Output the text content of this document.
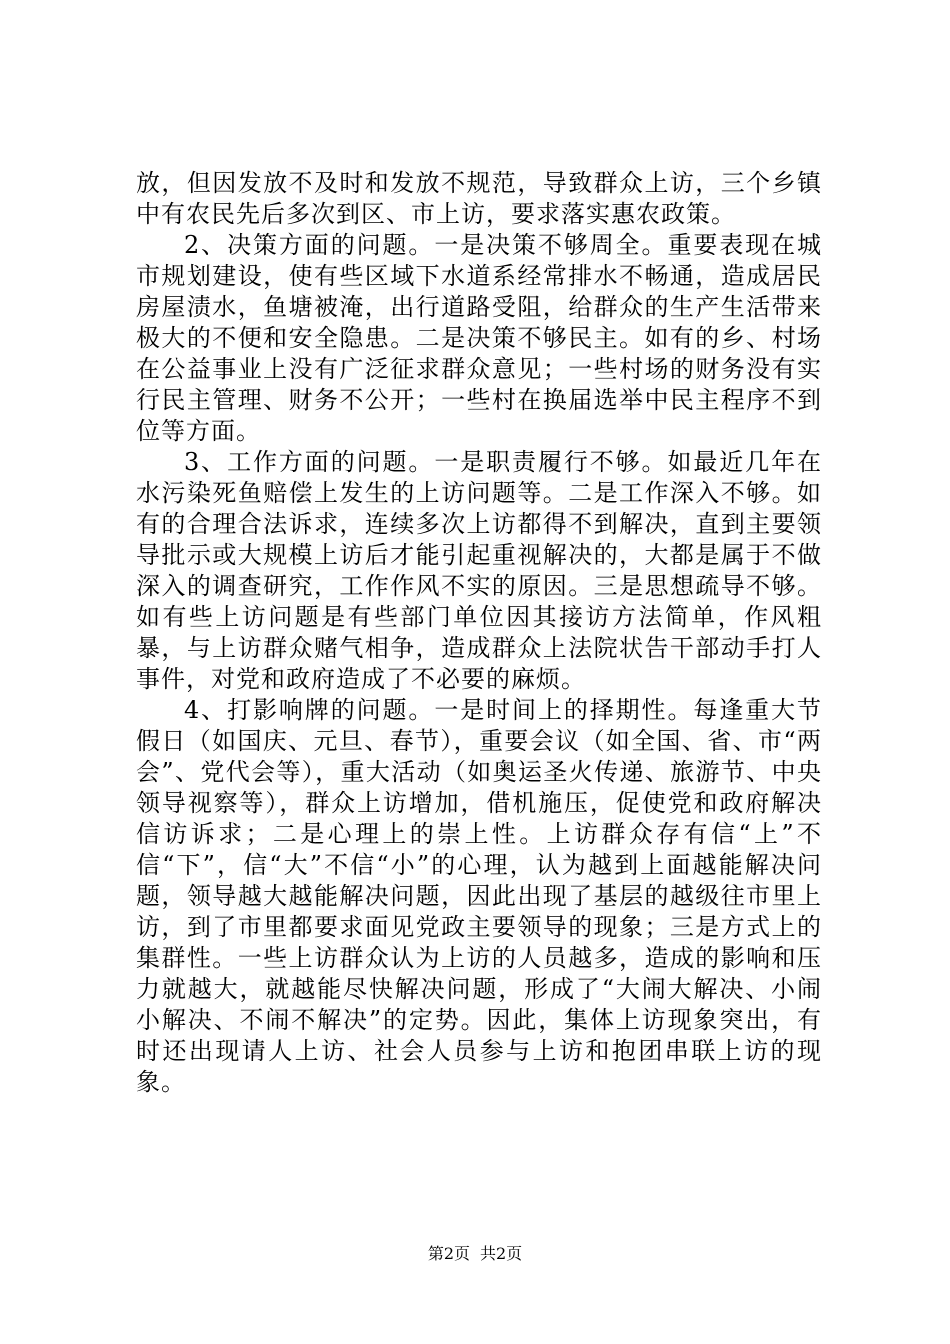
放，但因发放不及时和发放不规范，导致群众上访，三个乡镇中有农民先后多次到区、市上访，要求落实惠农政策。

2、决策方面的问题。一是决策不够周全。重要表现在城市规划建设，使有些区域下水道系经常排水不畅通，造成居民房屋渍水，鱼塘被淹，出行道路受阻，给群众的生产生活带来极大的不便和安全隐患。二是决策不够民主。如有的乡、村场在公益事业上没有广泛征求群众意见；一些村场的财务没有实行民主管理、财务不公开；一些村在换届选举中民主程序不到位等方面。

3、工作方面的问题。一是职责履行不够。如最近几年在水污染死鱼赔偿上发生的上访问题等。二是工作深入不够。如有的合理合法诉求，连续多次上访都得不到解决，直到主要领导批示或大规模上访后才能引起重视解决的，大都是属于不做深入的调查研究，工作作风不实的原因。三是思想疏导不够。如有些上访问题是有些部门单位因其接访方法简单，作风粗暴，与上访群众赌气相争，造成群众上法院状告干部动手打人事件，对党和政府造成了不必要的麻烦。

4、打影响牌的问题。一是时间上的择期性。每逢重大节假日（如国庆、元旦、春节），重要会议（如全国、省、市“两会”、党代会等），重大活动（如奥运圣火传递、旅游节、中央领导视察等），群众上访增加，借机施压，促使党和政府解决信访诉求；二是心理上的崇上性。上访群众存有信“上”不信“下”，信“大”不信“小”的心理，认为越到上面越能解决问题，领导越大越能解决问题，因此出现了基层的越级往市里上访，到了市里都要求面见党政主要领导的现象；三是方式上的集群性。一些上访群众认为上访的人员越多，造成的影响和压力就越大，就越能尽快解决问题，形成了“大闹大解决、小闹小解决、不闹不解决”的定势。因此，集体上访现象突出，有时还出现请人上访、社会人员参与上访和抱团串联上访的现象。

第2页 共2页
